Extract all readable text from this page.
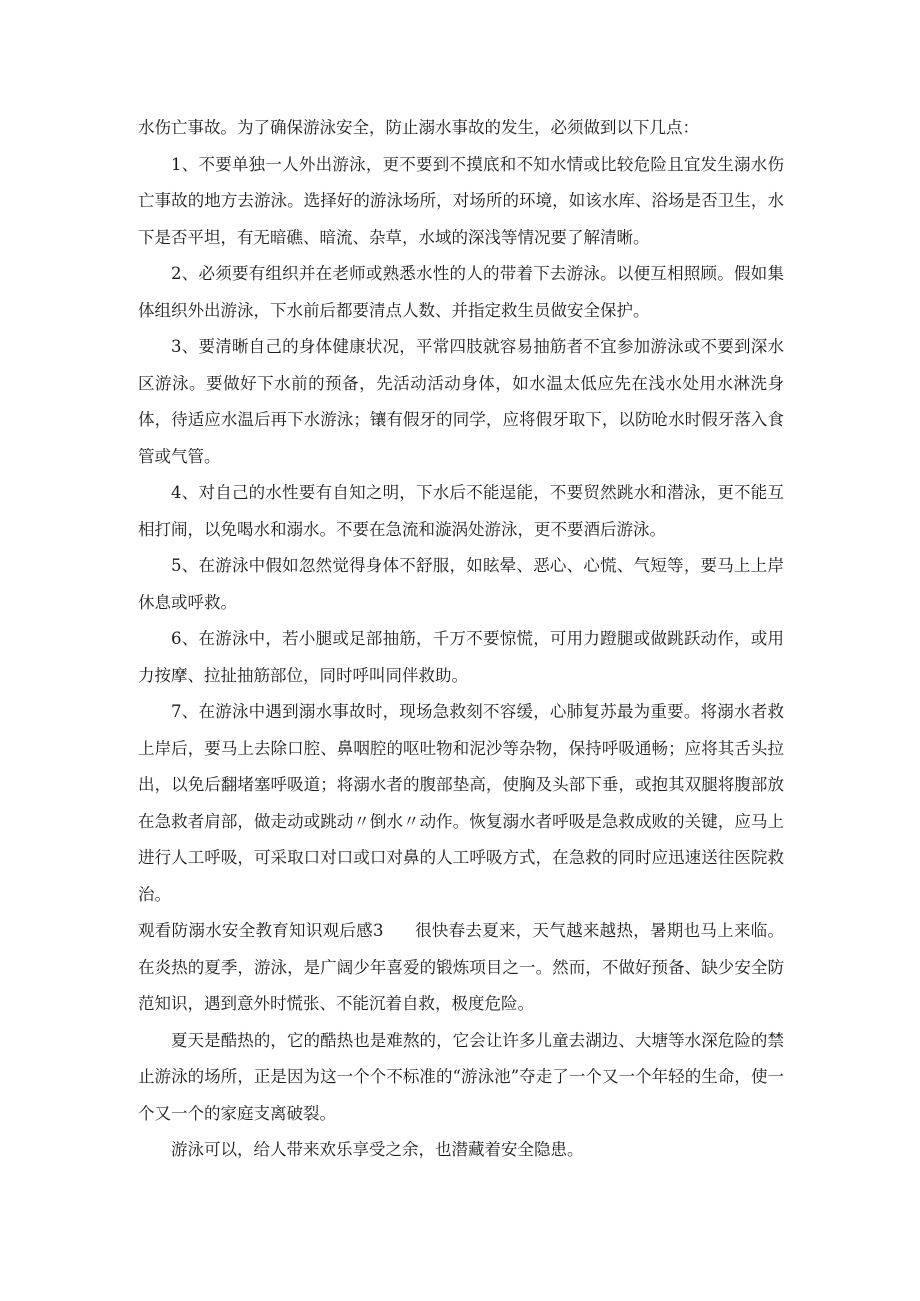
水伤亡事故。为了确保游泳安全，防止溺水事故的发生，必须做到以下几点：

1、不要单独一人外出游泳，更不要到不摸底和不知水情或比较危险且宜发生溺水伤亡事故的地方去游泳。选择好的游泳场所，对场所的环境，如该水库、浴场是否卫生，水下是否平坦，有无暗礁、暗流、杂草，水域的深浅等情况要了解清晰。

2、必须要有组织并在老师或熟悉水性的人的带着下去游泳。以便互相照顾。假如集体组织外出游泳，下水前后都要清点人数、并指定救生员做安全保护。

3、要清晰自己的身体健康状况，平常四肢就容易抽筋者不宜参加游泳或不要到深水区游泳。要做好下水前的预备，先活动活动身体，如水温太低应先在浅水处用水淋洗身体，待适应水温后再下水游泳；镶有假牙的同学，应将假牙取下，以防呛水时假牙落入食管或气管。

4、对自己的水性要有自知之明，下水后不能逞能，不要贸然跳水和潜泳，更不能互相打闹，以免喝水和溺水。不要在急流和漩涡处游泳，更不要酒后游泳。

5、在游泳中假如忽然觉得身体不舒服，如眩晕、恶心、心慌、气短等，要马上上岸休息或呼救。

6、在游泳中，若小腿或足部抽筋，千万不要惊慌，可用力蹬腿或做跳跃动作，或用力按摩、拉扯抽筋部位，同时呼叫同伴救助。

7、在游泳中遇到溺水事故时，现场急救刻不容缓，心肺复苏最为重要。将溺水者救上岸后，要马上去除口腔、鼻咽腔的呕吐物和泥沙等杂物，保持呼吸通畅；应将其舌头拉出，以免后翻堵塞呼吸道；将溺水者的腹部垫高，使胸及头部下垂，或抱其双腿将腹部放在急救者肩部，做走动或跳动〃倒水〃动作。恢复溺水者呼吸是急救成败的关键，应马上进行人工呼吸，可采取口对口或口对鼻的人工呼吸方式，在急救的同时应迅速送往医院救治。

观看防溺水安全教育知识观后感3 很快春去夏来，天气越来越热，暑期也马上来临。在炎热的夏季，游泳，是广阔少年喜爱的锻炼项目之一。然而，不做好预备、缺少安全防范知识，遇到意外时慌张、不能沉着自救，极度危险。

夏天是酷热的，它的酷热也是难熬的，它会让许多儿童去湖边、大塘等水深危险的禁止游泳的场所，正是因为这一个个不标准的“游泳池”夺走了一个又一个年轻的生命，使一个又一个的家庭支离破裂。

游泳可以，给人带来欢乐享受之余，也潜藏着安全隐患。
